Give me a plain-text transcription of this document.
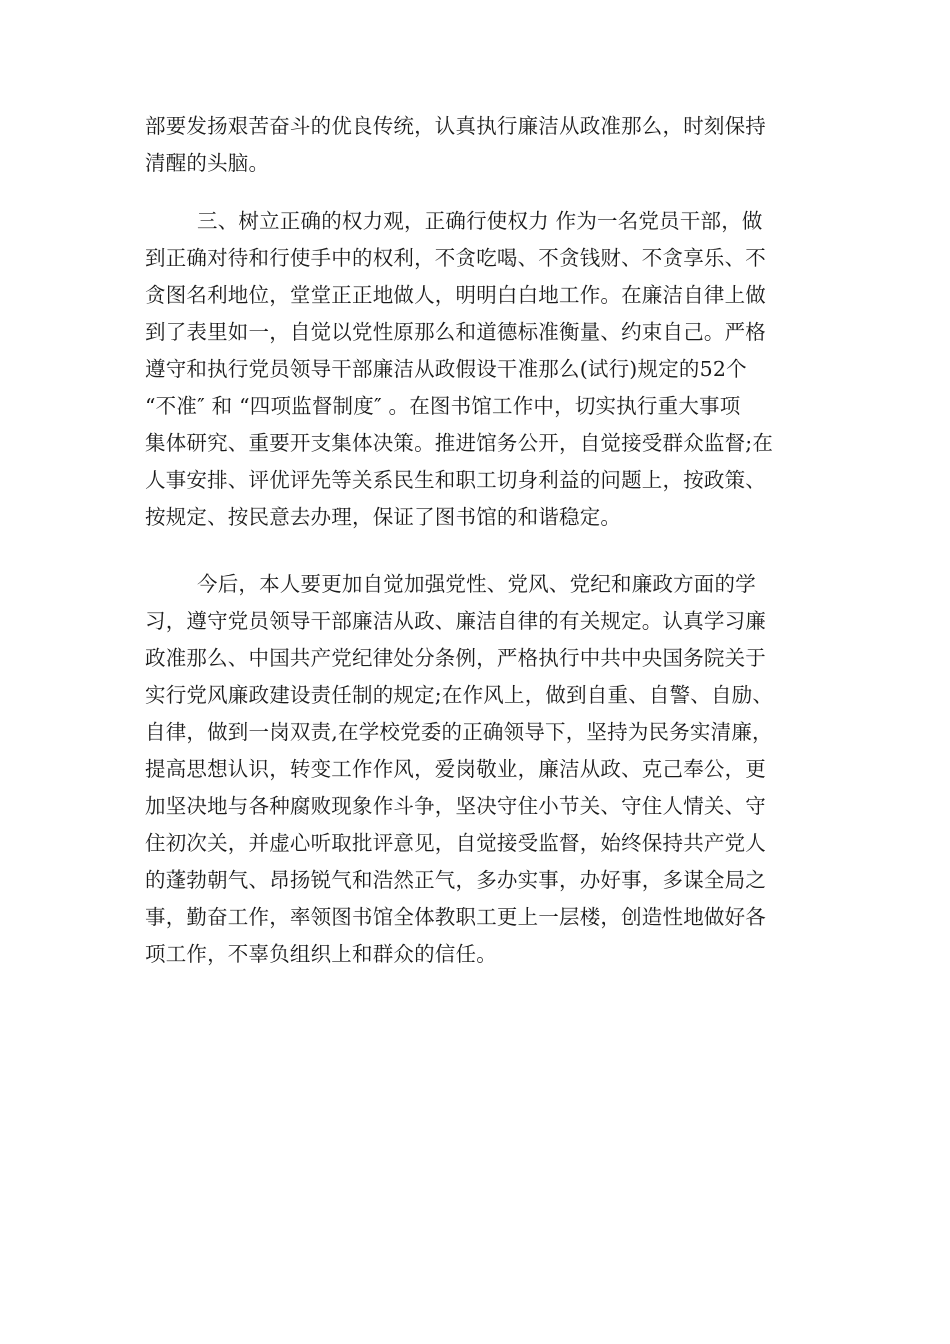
部要发扬艰苦奋斗的优良传统，认真执行廉洁从政准那么，时刻保持
清醒的头脑。
三、树立正确的权力观，正确行使权力 作为一名党员干部，做
到正确对待和行使手中的权利，不贪吃喝、不贪钱财、不贪享乐、不
贪图名利地位，堂堂正正地做人，明明白白地工作。在廉洁自律上做
到了表里如一，自觉以党性原那么和道德标准衡量、约束自己。严格
遵守和执行党员领导干部廉洁从政假设干准那么(试行)规定的52个
“不准″ 和 “四项监督制度″ 。在图书馆工作中，切实执行重大事项
集体研究、重要开支集体决策。推进馆务公开，自觉接受群众监督;在
人事安排、评优评先等关系民生和职工切身利益的问题上，按政策、
按规定、按民意去办理，保证了图书馆的和谐稳定。
今后，本人要更加自觉加强党性、党风、党纪和廉政方面的学
习，遵守党员领导干部廉洁从政、廉洁自律的有关规定。认真学习廉
政准那么、中国共产党纪律处分条例，严格执行中共中央国务院关于
实行党风廉政建设责任制的规定;在作风上，做到自重、自警、自励、
自律，做到一岗双责,在学校党委的正确领导下，坚持为民务实清廉，
提高思想认识，转变工作作风，爱岗敬业，廉洁从政、克己奉公，更
加坚决地与各种腐败现象作斗争，坚决守住小节关、守住人情关、守
住初次关，并虚心听取批评意见，自觉接受监督，始终保持共产党人
的蓬勃朝气、昂扬锐气和浩然正气，多办实事，办好事，多谋全局之
事，勤奋工作，率领图书馆全体教职工更上一层楼，创造性地做好各
项工作，不辜负组织上和群众的信任。
